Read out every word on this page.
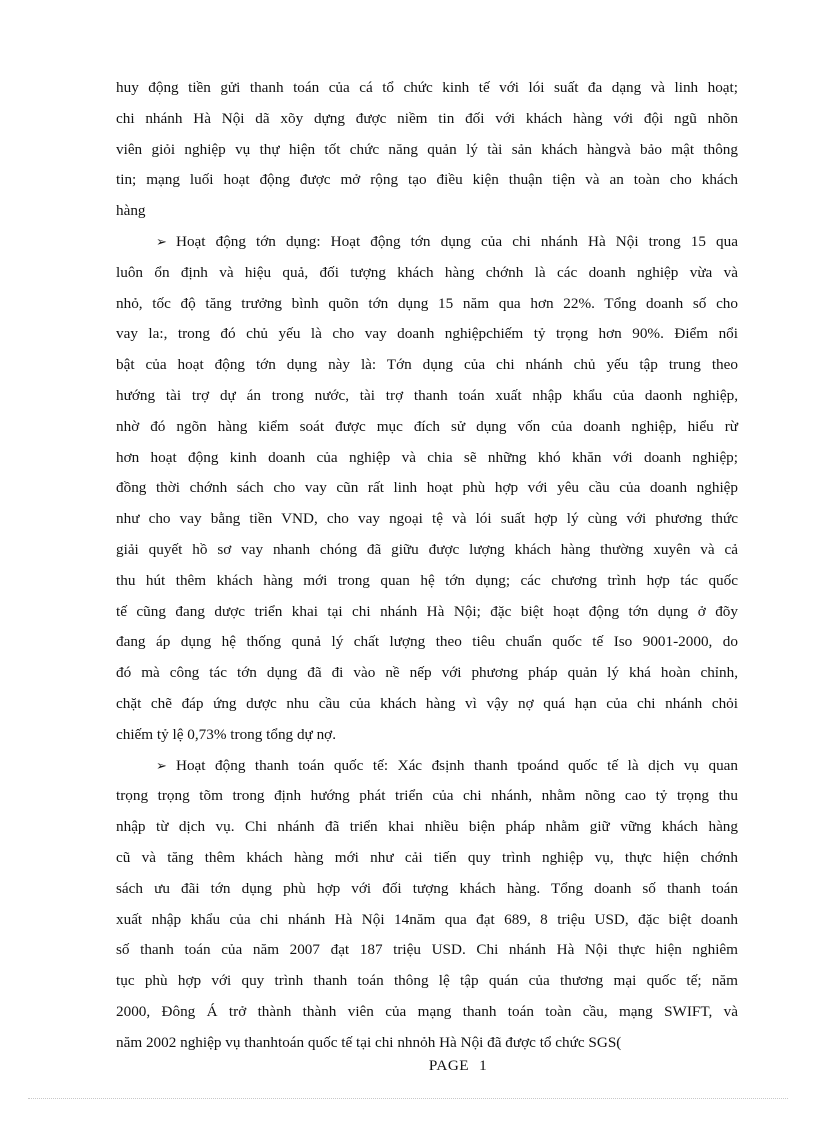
huy động tiền gửi thanh toán của cá tổ chức kinh tế với lói suất đa dạng và linh hoạt;
chi nhánh Hà Nội dã xõy dựng được niềm tin đối với khách hàng với đội ngũ nhõn
viên giỏi nghiệp vụ thự hiện tốt chức năng quản lý tài sản khách hàngvà bảo mật thông
tin; mạng luối hoạt động được mở rộng tạo điều kiện thuận tiện và an toàn cho khách
hàng
➢ Hoạt động tớn dụng: Hoạt động tớn dụng của chi nhánh Hà Nội trong 15 qua
luôn ổn định và hiệu quả, đối tượng khách hàng chớnh là các doanh nghiệp vừa và
nhỏ, tốc độ tăng trưởng bình quõn tớn dụng 15 năm qua hơn 22%. Tổng doanh số cho
vay la:, trong đó chủ yếu là cho vay doanh nghiệpchiếm tỷ trọng hơn 90%. Điểm nổi
bật của hoạt động tớn dụng này là: Tớn dụng của chi nhánh chủ yếu tập trung theo
hướng tài trợ dự án trong nước, tài trợ thanh toán xuất nhập khẩu của daonh nghiệp,
nhờ đó ngõn hàng kiểm soát được mục đích sử dụng vốn của doanh nghiệp, hiểu rừ
hơn hoạt động kinh doanh của nghiệp và chia sẽ những khó khăn với doanh nghiệp;
đồng thời chớnh sách cho vay cũn rất linh hoạt phù hợp với yêu cầu của doanh nghiệp
như cho vay bằng tiền VND, cho vay ngoại tệ và lói suất hợp lý cùng với phương thức
giải quyết hồ sơ vay nhanh chóng đã giữu được lượng khách hàng thường xuyên và cả
thu hút thêm khách hàng mới trong quan hệ tớn dụng; các chương trình hợp tác quốc
tế cũng đang dược triển khai tại chi nhánh Hà Nội; đặc biệt hoạt động tớn dụng ở đõy
đang áp dụng hệ thống qunả lý chất lượng theo tiêu chuẩn quốc tế Iso 9001-2000, do
đó mà công tác tớn dụng đã đi vào nề nếp với phương pháp quản lý khá hoàn chỉnh,
chặt chẽ đáp ứng dược nhu cầu của khách hàng vì vậy nợ quá hạn của chi nhánh chỏi
chiếm tỷ lệ 0,73% trong tổng dự nợ.
➢ Hoạt động thanh toán quốc tế: Xác đsịnh thanh tpoánd quốc tế là dịch vụ quan
trọng trọng tõm trong định hướng phát triển của chi nhánh, nhằm nõng cao tỷ trọng thu
nhập từ dịch vụ. Chi nhánh đã triển khai nhiều biện pháp nhằm giữ vững khách hàng
cũ và tăng thêm khách hàng mới như cải tiến quy trình nghiệp vụ, thực hiện chớnh
sách ưu đãi tớn dụng phù hợp với đối tượng khách hàng. Tổng doanh số thanh toán
xuất nhập khẩu của chi nhánh Hà Nội 14năm qua đạt 689, 8 triệu USD, đặc biệt doanh
số thanh toán của năm 2007 đạt 187 triệu USD. Chi nhánh Hà Nội thực hiện nghiêm
tục phù hợp với quy trình thanh toán thông lệ tập quán của thương mại quốc tế; năm
2000, Đông Á trở thành thành viên của mạng thanh toán toàn cầu, mạng SWIFT, và
năm 2002 nghiệp vụ thanhtoán quốc tế tại chi nhnỏh Hà Nội đã được tổ chức SGS(
PAGE 1
